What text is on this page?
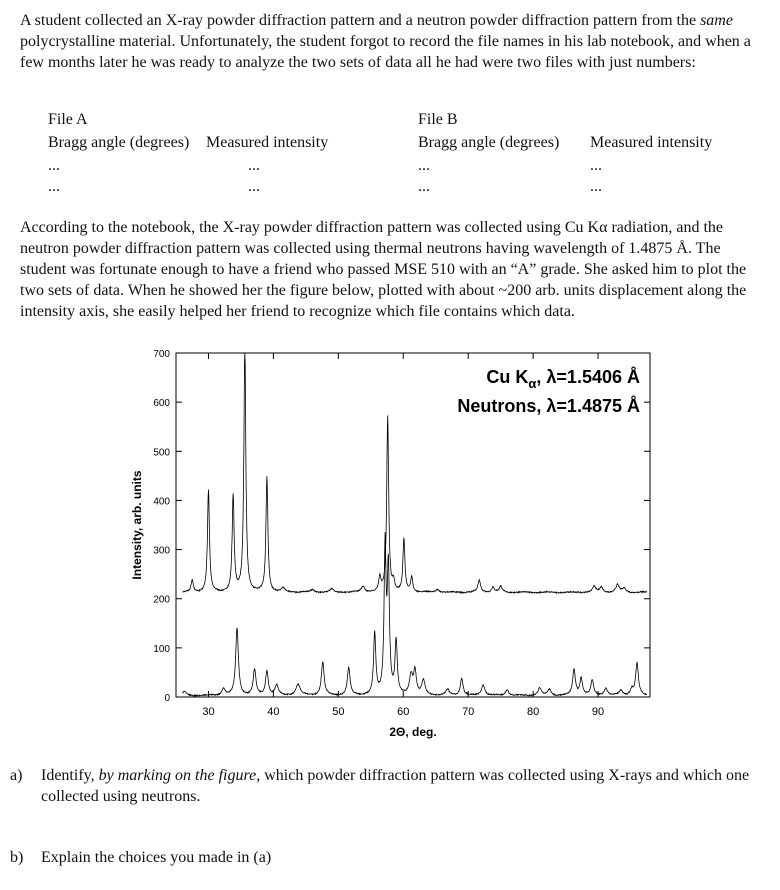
A student collected an X-ray powder diffraction pattern and a neutron powder diffraction pattern from the same polycrystalline material. Unfortunately, the student forgot to record the file names in his lab notebook, and when a few months later he was ready to analyze the two sets of data all he had were two files with just numbers:

File A
Bragg angle (degrees) Measured intensity
...	...
...	...
File B
Bragg angle (degrees) Measured intensity
...	...
...	...

According to the notebook, the X-ray powder diffraction pattern was collected using Cu Kα radiation, and the neutron powder diffraction pattern was collected using thermal neutrons having wavelength of 1.4875 Å. The student was fortunate enough to have a friend who passed MSE 510 with an “A” grade. She asked him to plot the two sets of data. When he showed her the figure below, plotted with about ~200 arb. units displacement along the intensity axis, she easily helped her friend to recognize which file contains which data.

30	40	50	60	70	80	90
0
100
200
300
400
500
600
700
Intensity, arb. units
2Θ, deg.
Cu $K_\alpha$, λ=1.5406 Å
Neutrons, λ=1.4875 Å
a) Identify, by marking on the figure, which powder diffraction pattern was collected using X-rays and which one collected using neutrons.
b) Explain the choices you made in (a)
